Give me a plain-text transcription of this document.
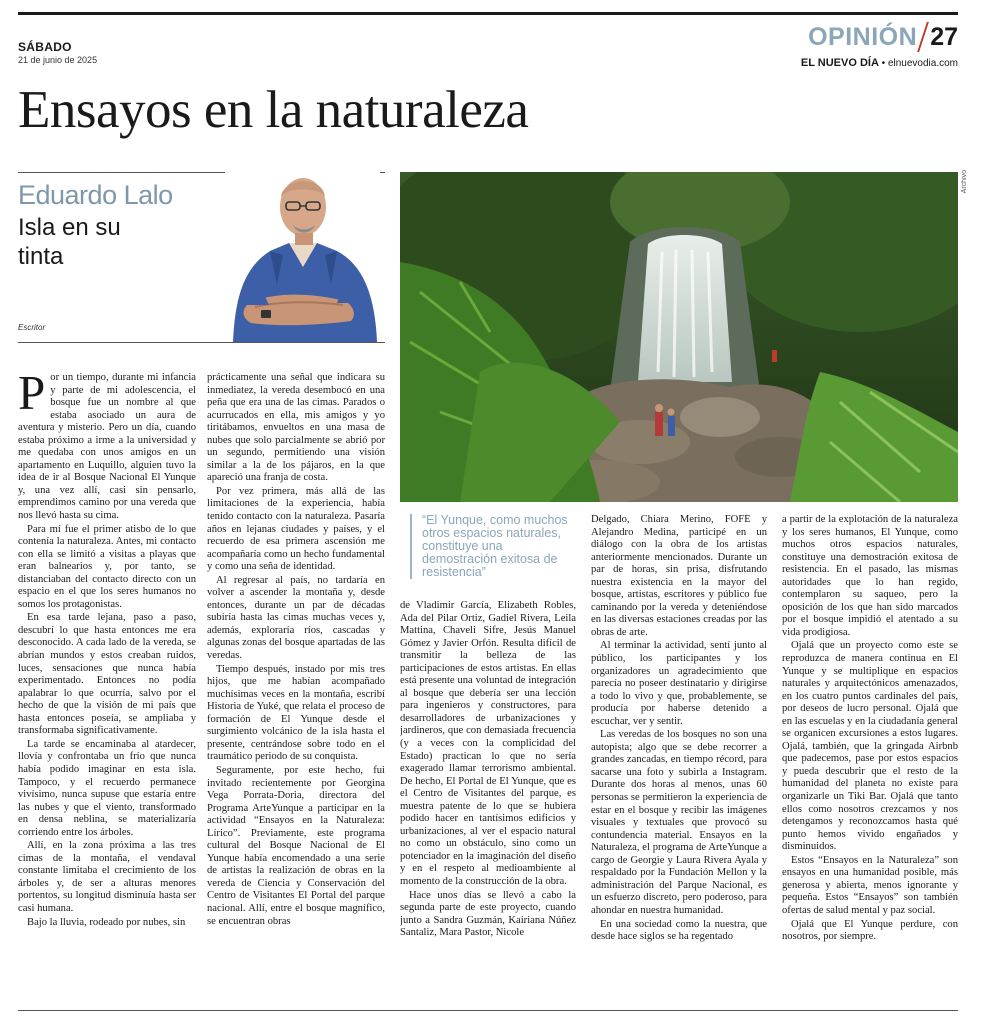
SÁBADO
21 de junio de 2025
OPINIÓN 27
EL NUEVO DÍA • elnuevodia.com
Ensayos en la naturaleza
Eduardo Lalo
Isla en su tinta
Escritor
Archivo
“El Yunque, como muchos otros espacios naturales, constituye una demostración exitosa de resistencia”

Por un tiempo, durante mi infancia y parte de mi adolescencia, el bosque fue un nombre al que estaba asociado un aura de aventura y misterio. Pero un día, cuando estaba próximo a irme a la universidad y me quedaba con unos amigos en un apartamento en Luquillo, alguien tuvo la idea de ir al Bosque Nacional El Yunque y, una vez allí, casi sin pensarlo, emprendimos camino por una vereda que nos llevó hasta su cima.

Para mí fue el primer atisbo de lo que contenía la naturaleza. Antes, mi contacto con ella se limitó a visitas a playas que eran balnearios y, por tanto, se distanciaban del contacto directo con un espacio en el que los seres humanos no somos los protagonistas.

En esa tarde lejana, paso a paso, descubrí lo que hasta entonces me era desconocido. A cada lado de la vereda, se abrían mundos y estos creaban ruidos, luces, sensaciones que nunca había experimentado. Entonces no podía apalabrar lo que ocurría, salvo por el hecho de que la visión de mi país que hasta entonces poseía, se ampliaba y transformaba significativamente.

La tarde se encaminaba al atardecer, llovía y confrontaba un frío que nunca había podido imaginar en esta isla. Tampoco, y el recuerdo permanece vivísimo, nunca supuse que estaría entre las nubes y que el viento, transformado en densa neblina, se materializaría corriendo entre los árboles.

Allí, en la zona próxima a las tres cimas de la montaña, el vendaval constante limitaba el crecimiento de los árboles y, de ser a alturas menores portentos, su longitud disminuía hasta ser casi humana.

Bajo la lluvia, rodeado por nubes, sin

prácticamente una señal que indicara su inmediatez, la vereda desembocó en una peña que era una de las cimas. Parados o acurrucados en ella, mis amigos y yo tiritábamos, envueltos en una masa de nubes que solo parcialmente se abrió por un segundo, permitiendo una visión similar a la de los pájaros, en la que apareció una franja de costa.

Por vez primera, más allá de las limitaciones de la experiencia, había tenido contacto con la naturaleza. Pasaría años en lejanas ciudades y países, y el recuerdo de esa primera ascensión me acompañaría como un hecho fundamental y como una seña de identidad.

Al regresar al país, no tardaría en volver a ascender la montaña y, desde entonces, durante un par de décadas subiría hasta las cimas muchas veces y, además, exploraría ríos, cascadas y algunas zonas del bosque apartadas de las veredas.

Tiempo después, instado por mis tres hijos, que me habían acompañado muchísimas veces en la montaña, escribí Historia de Yuké, que relata el proceso de formación de El Yunque desde el surgimiento volcánico de la isla hasta el presente, centrándose sobre todo en el traumático periodo de su conquista.

Seguramente, por este hecho, fui invitado recientemente por Georgina Vega Porrata-Doria, directora del Programa ArteYunque a participar en la actividad “Ensayos en la Naturaleza: Lírico”. Previamente, este programa cultural del Bosque Nacional de El Yunque había encomendado a una serie de artistas la realización de obras en la vereda de Ciencia y Conservación del Centro de Visitantes El Portal del parque nacional. Allí, entre el bosque magnífico, se encuentran obras

de Vladimir García, Elizabeth Robles, Ada del Pilar Ortiz, Gadiel Rivera, Leila Mattina, Chaveli Sifre, Jesús Manuel Gómez y Javier Orfón. Resulta difícil de transmitir la belleza de las participaciones de estos artistas. En ellas está presente una voluntad de integración al bosque que debería ser una lección para ingenieros y constructores, para desarrolladores de urbanizaciones y jardineros, que con demasiada frecuencia (y a veces con la complicidad del Estado) practican lo que no sería exagerado llamar terrorismo ambiental. De hecho, El Portal de El Yunque, que es el Centro de Visitantes del parque, es muestra patente de lo que se hubiera podido hacer en tantísimos edificios y urbanizaciones, al ver el espacio natural no como un obstáculo, sino como un potenciador en la imaginación del diseño y en el respeto al medioambiente al momento de la construcción de la obra.

Hace unos días se llevó a cabo la segunda parte de este proyecto, cuando junto a Sandra Guzmán, Kairiana Núñez Santaliz, Mara Pastor, Nicole

Delgado, Chiara Merino, FOFÉ y Alejandro Medina, participé en un diálogo con la obra de los artistas anteriormente mencionados. Durante un par de horas, sin prisa, disfrutando nuestra existencia en la mayor del bosque, artistas, escritores y público fue caminando por la vereda y deteniéndose en las diversas estaciones creadas por las obras de arte.

Al terminar la actividad, sentí junto al público, los participantes y los organizadores un agradecimiento que parecía no poseer destinatario y dirigirse a todo lo vivo y que, probablemente, se producía por haberse detenido a escuchar, ver y sentir.

Las veredas de los bosques no son una autopista; algo que se debe recorrer a grandes zancadas, en tiempo récord, para sacarse una foto y subirla a Instagram. Durante dos horas al menos, unas 60 personas se permitieron la experiencia de estar en el bosque y recibir las imágenes visuales y textuales que provocó su contundencia material. Ensayos en la Naturaleza, el programa de ArteYunque a cargo de Georgie y Laura Rivera Ayala y respaldado por la Fundación Mellon y la administración del Parque Nacional, es un esfuerzo discreto, pero poderoso, para ahondar en nuestra humanidad.

En una sociedad como la nuestra, que desde hace siglos se ha regentado

a partir de la explotación de la naturaleza y los seres humanos, El Yunque, como muchos otros espacios naturales, constituye una demostración exitosa de resistencia. En el pasado, las mismas autoridades que lo han regido, contemplaron su saqueo, pero la oposición de los que han sido marcados por el bosque impidió el atentado a su vida prodigiosa.

Ojalá que un proyecto como este se reproduzca de manera continua en El Yunque y se multiplique en espacios naturales y arquitectónicos amenazados, en los cuatro puntos cardinales del país, por deseos de lucro personal. Ojalá que en las escuelas y en la ciudadanía general se organicen excursiones a estos lugares. Ojalá, también, que la gringada Airbnb que padecemos, pase por estos espacios y pueda descubrir que el resto de la humanidad del planeta no existe para organizarle un Tiki Bar. Ojalá que tanto ellos como nosotros crezcamos y nos detengamos y reconozcamos hasta qué punto hemos vivido engañados y disminuidos.

Estos “Ensayos en la Naturaleza” son ensayos en una humanidad posible, más generosa y abierta, menos ignorante y pequeña. Estos “Ensayos” son también ofertas de salud mental y paz social.

Ojalá que El Yunque perdure, con nosotros, por siempre.
